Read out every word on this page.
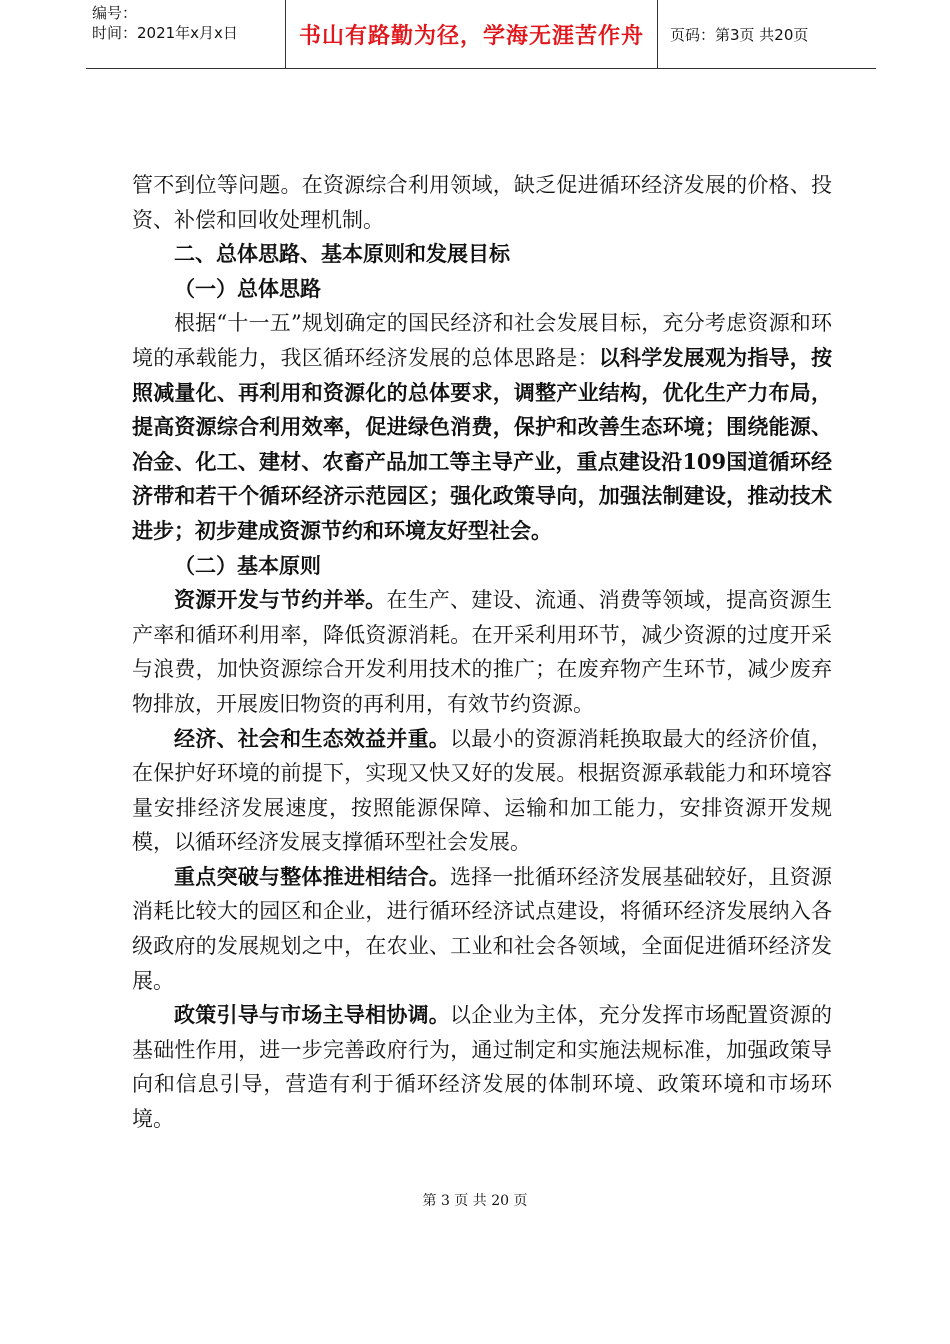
编号：
时间：2021年x月x日	书山有路勤为径，学海无涯苦作舟	页码：第3页 共20页

管不到位等问题。在资源综合利用领域，缺乏促进循环经济发展的价格、投资、补偿和回收处理机制。

二、总体思路、基本原则和发展目标

（一）总体思路

根据“十一五”规划确定的国民经济和社会发展目标，充分考虑资源和环境的承载能力，我区循环经济发展的总体思路是：以科学发展观为指导，按照减量化、再利用和资源化的总体要求，调整产业结构，优化生产力布局，提高资源综合利用效率，促进绿色消费，保护和改善生态环境；围绕能源、冶金、化工、建材、农畜产品加工等主导产业，重点建设沿109国道循环经济带和若干个循环经济示范园区；强化政策导向，加强法制建设，推动技术进步；初步建成资源节约和环境友好型社会。

（二）基本原则

资源开发与节约并举。在生产、建设、流通、消费等领域，提高资源生产率和循环利用率，降低资源消耗。在开采利用环节，减少资源的过度开采与浪费，加快资源综合开发利用技术的推广；在废弃物产生环节，减少废弃物排放，开展废旧物资的再利用，有效节约资源。

经济、社会和生态效益并重。以最小的资源消耗换取最大的经济价值，在保护好环境的前提下，实现又快又好的发展。根据资源承载能力和环境容量安排经济发展速度，按照能源保障、运输和加工能力，安排资源开发规模，以循环经济发展支撑循环型社会发展。

重点突破与整体推进相结合。选择一批循环经济发展基础较好，且资源消耗比较大的园区和企业，进行循环经济试点建设，将循环经济发展纳入各级政府的发展规划之中，在农业、工业和社会各领域，全面促进循环经济发展。

政策引导与市场主导相协调。以企业为主体，充分发挥市场配置资源的基础性作用，进一步完善政府行为，通过制定和实施法规标准，加强政策导向和信息引导，营造有利于循环经济发展的体制环境、政策环境和市场环境。

第 3 页 共 20 页
